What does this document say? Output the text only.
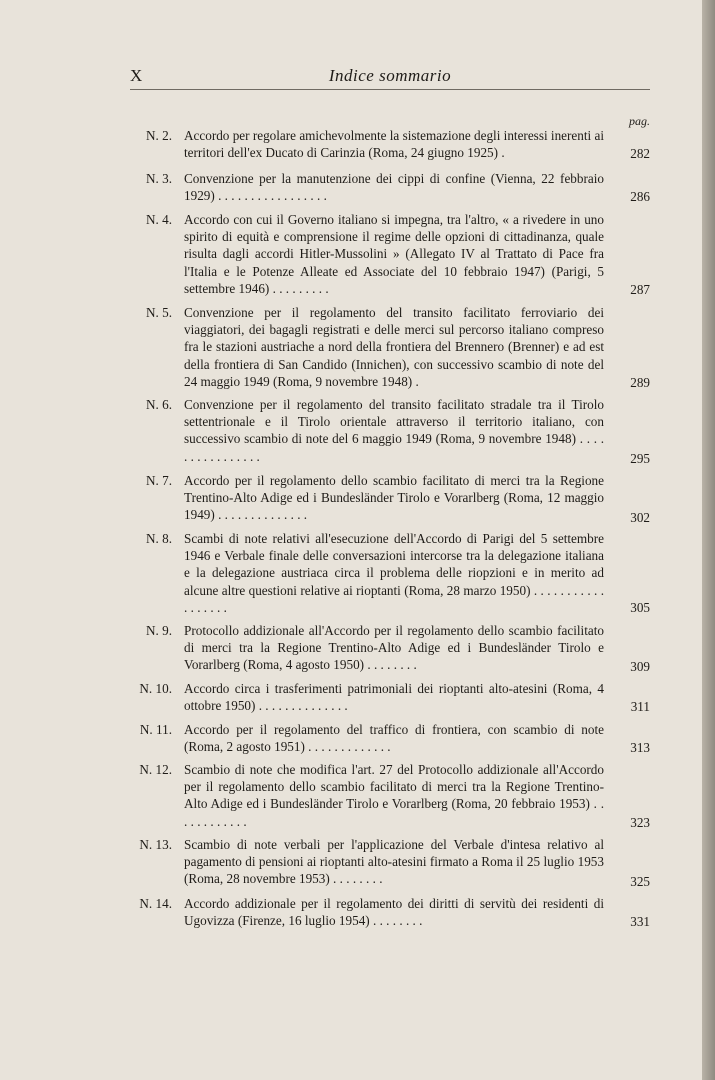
X	Indice sommario
pag.
N. 2. Accordo per regolare amichevolmente la sistemazione degli interessi inerenti ai territori dell'ex Ducato di Carinzia (Roma, 24 giugno 1925) .	282
N. 3. Convenzione per la manutenzione dei cippi di confine (Vienna, 22 febbraio 1929) . . . . . . . . . . . . . . . . .	286
N. 4. Accordo con cui il Governo italiano si impegna, tra l'altro, « a rivedere in uno spirito di equità e comprensione il regime delle opzioni di cittadinanza, quale risulta dagli accordi Hitler-Mussolini » (Allegato IV al Trattato di Pace fra l'Italia e le Potenze Alleate ed Associate del 10 febbraio 1947) (Parigi, 5 settembre 1946) . . . . . . . . .	287
N. 5. Convenzione per il regolamento del transito facilitato ferroviario dei viaggiatori, dei bagagli registrati e delle merci sul percorso italiano compreso fra le stazioni austriache a nord della frontiera del Brennero (Brenner) e ad est della frontiera di San Candido (Innichen), con successivo scambio di note del 24 maggio 1949 (Roma, 9 novembre 1948) .	289
N. 6. Convenzione per il regolamento del transito facilitato stradale tra il Tirolo settentrionale e il Tirolo orientale attraverso il territorio italiano, con successivo scambio di note del 6 maggio 1949 (Roma, 9 novembre 1948) . . . . . . . . . . . . . . . .	295
N. 7. Accordo per il regolamento dello scambio facilitato di merci tra la Regione Trentino-Alto Adige ed i Bundesländer Tirolo e Vorarlberg (Roma, 12 maggio 1949) . . . . . . . . . . . . . .	302
N. 8. Scambi di note relativi all'esecuzione dell'Accordo di Parigi del 5 settembre 1946 e Verbale finale delle conversazioni intercorse tra la delegazione italiana e la delegazione austriaca circa il problema delle riopzioni e in merito ad alcune altre questioni relative ai rioptanti (Roma, 28 marzo 1950) . . . . . . . . . . . . . . . . . .	305
N. 9. Protocollo addizionale all'Accordo per il regolamento dello scambio facilitato di merci tra la Regione Trentino-Alto Adige ed i Bundesländer Tirolo e Vorarlberg (Roma, 4 agosto 1950) . . . . . . . .	309
N. 10. Accordo circa i trasferimenti patrimoniali dei rioptanti alto-atesini (Roma, 4 ottobre 1950) . . . . . . . . . . . . . .	311
N. 11. Accordo per il regolamento del traffico di frontiera, con scambio di note (Roma, 2 agosto 1951) . . . . . . . . . . . . .	313
N. 12. Scambio di note che modifica l'art. 27 del Protocollo addizionale all'Accordo per il regolamento dello scambio facilitato di merci tra la Regione Trentino-Alto Adige ed i Bundesländer Tirolo e Vorarlberg (Roma, 20 febbraio 1953) . . . . . . . . . . . .	323
N. 13. Scambio di note verbali per l'applicazione del Verbale d'intesa relativo al pagamento di pensioni ai rioptanti alto-atesini firmato a Roma il 25 luglio 1953 (Roma, 28 novembre 1953) . . . . . . . .	325
N. 14. Accordo addizionale per il regolamento dei diritti di servitù dei residenti di Ugovizza (Firenze, 16 luglio 1954) . . . . . . . .	331
